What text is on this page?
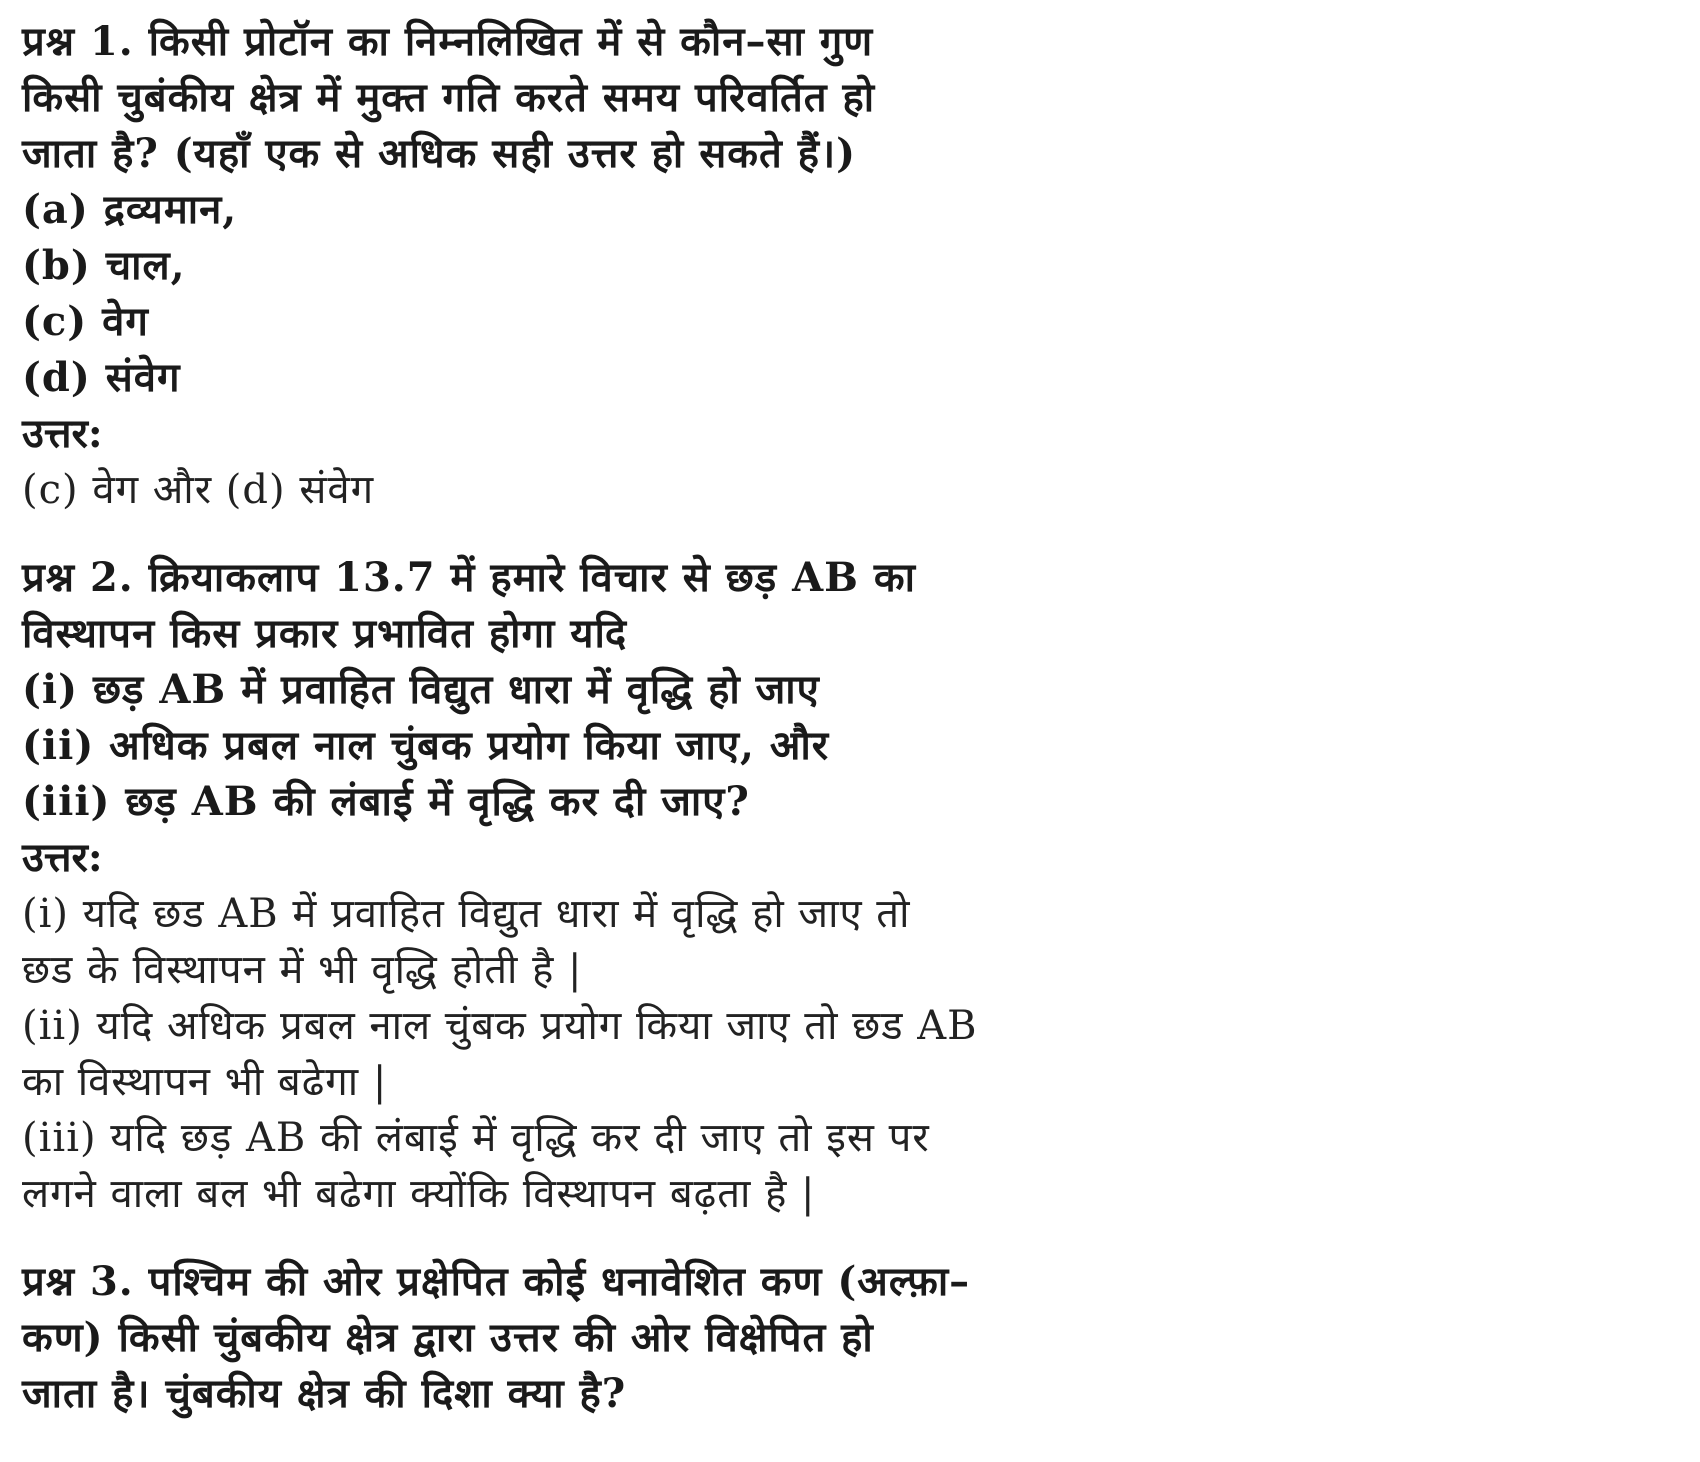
प्रश्न 1. किसी प्रोटॉन का निम्नलिखित में से कौन–सा गुण
किसी चुबंकीय क्षेत्र में मुक्त गति करते समय परिवर्तित हो
जाता है? (यहाँ एक से अधिक सही उत्तर हो सकते हैं।)
(a) द्रव्यमान,
(b) चाल,
(c) वेग
(d) संवेग
उत्तर:
(c) वेग और (d) संवेग
प्रश्न 2. क्रियाकलाप 13.7 में हमारे विचार से छड़ AB का
विस्थापन किस प्रकार प्रभावित होगा यदि
(i) छड़ AB में प्रवाहित विद्युत धारा में वृद्धि हो जाए
(ii) अधिक प्रबल नाल चुंबक प्रयोग किया जाए, और
(iii) छड़ AB की लंबाई में वृद्धि कर दी जाए?
उत्तर:
(i) यदि छड AB में प्रवाहित विद्युत धारा में वृद्धि हो जाए तो
छड के विस्थापन में भी वृद्धि होती है |
(ii) यदि अधिक प्रबल नाल चुंबक प्रयोग किया जाए तो छड AB
का विस्थापन भी बढेगा |
(iii) यदि छड़ AB की लंबाई में वृद्धि कर दी जाए तो इस पर
लगने वाला बल भी बढेगा क्योंकि विस्थापन बढ़ता है |
प्रश्न 3. पश्चिम की ओर प्रक्षेपित कोई धनावेशित कण (अल्फ़ा–
कण) किसी चुंबकीय क्षेत्र द्वारा उत्तर की ओर विक्षेपित हो
जाता है। चुंबकीय क्षेत्र की दिशा क्या है?
